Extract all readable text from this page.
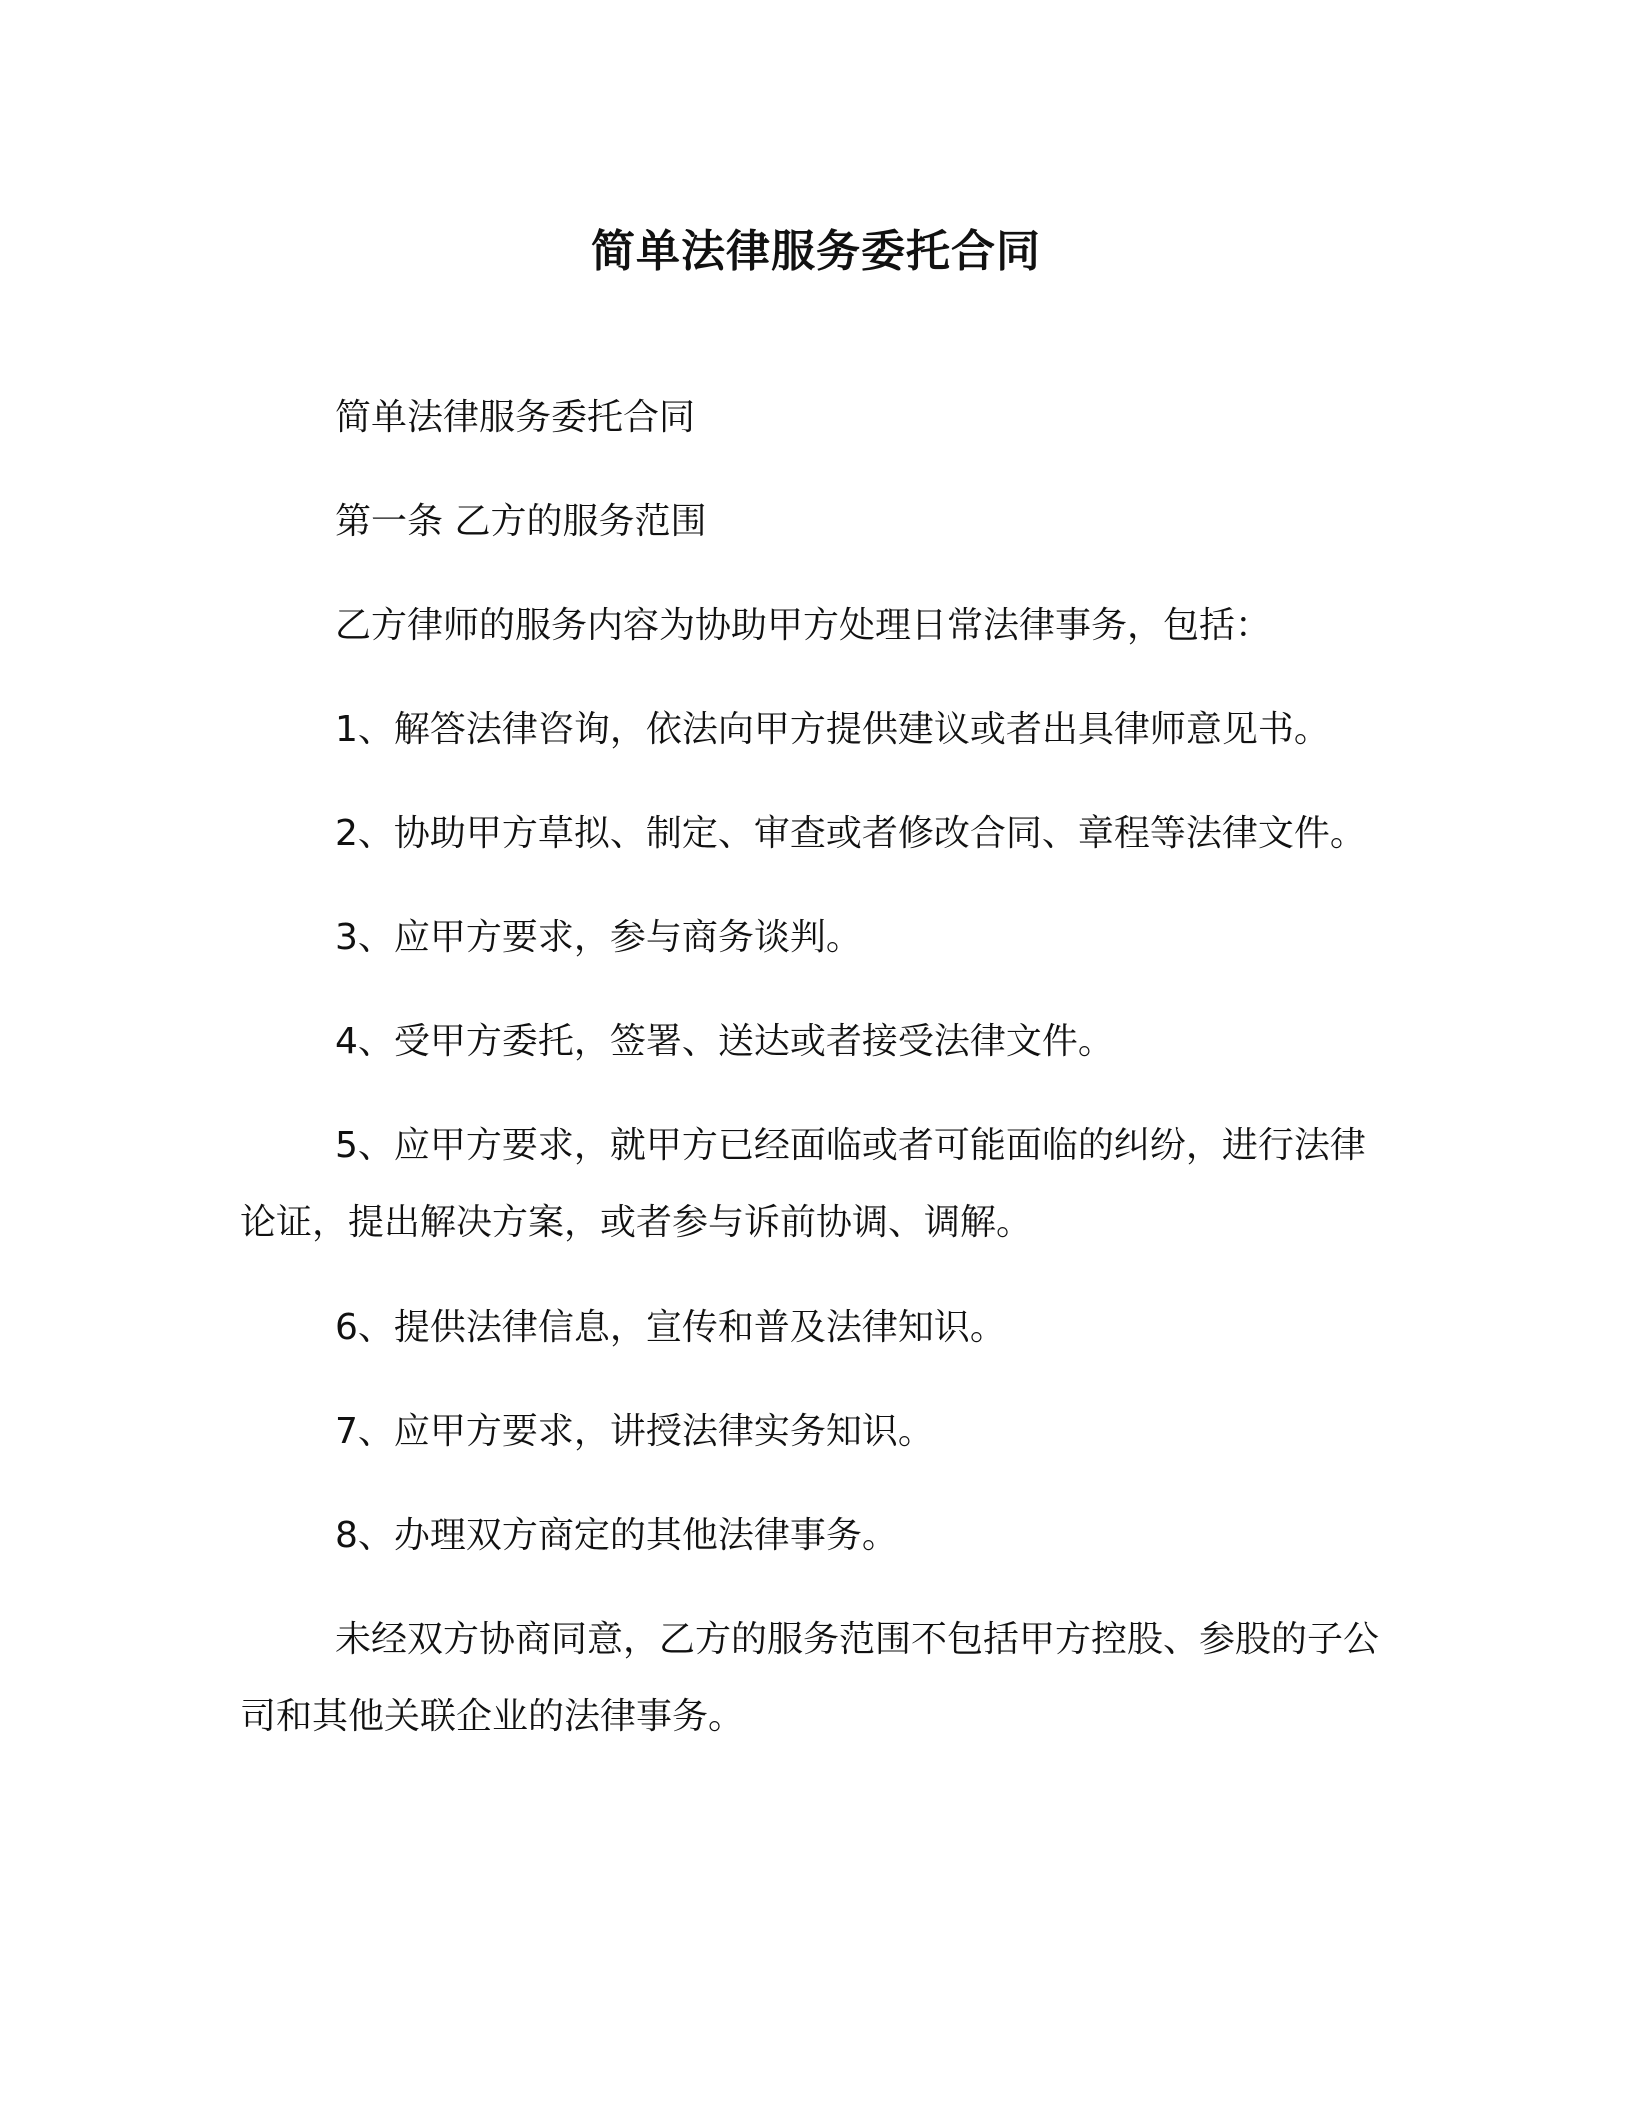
简单法律服务委托合同

简单法律服务委托合同

第一条 乙方的服务范围

乙方律师的服务内容为协助甲方处理日常法律事务，包括：

1、解答法律咨询，依法向甲方提供建议或者出具律师意见书。

2、协助甲方草拟、制定、审查或者修改合同、章程等法律文件。

3、应甲方要求，参与商务谈判。

4、受甲方委托，签署、送达或者接受法律文件。

5、应甲方要求，就甲方已经面临或者可能面临的纠纷，进行法律论证，提出解决方案，或者参与诉前协调、调解。

6、提供法律信息，宣传和普及法律知识。

7、应甲方要求，讲授法律实务知识。

8、办理双方商定的其他法律事务。

未经双方协商同意，乙方的服务范围不包括甲方控股、参股的子公司和其他关联企业的法律事务。
